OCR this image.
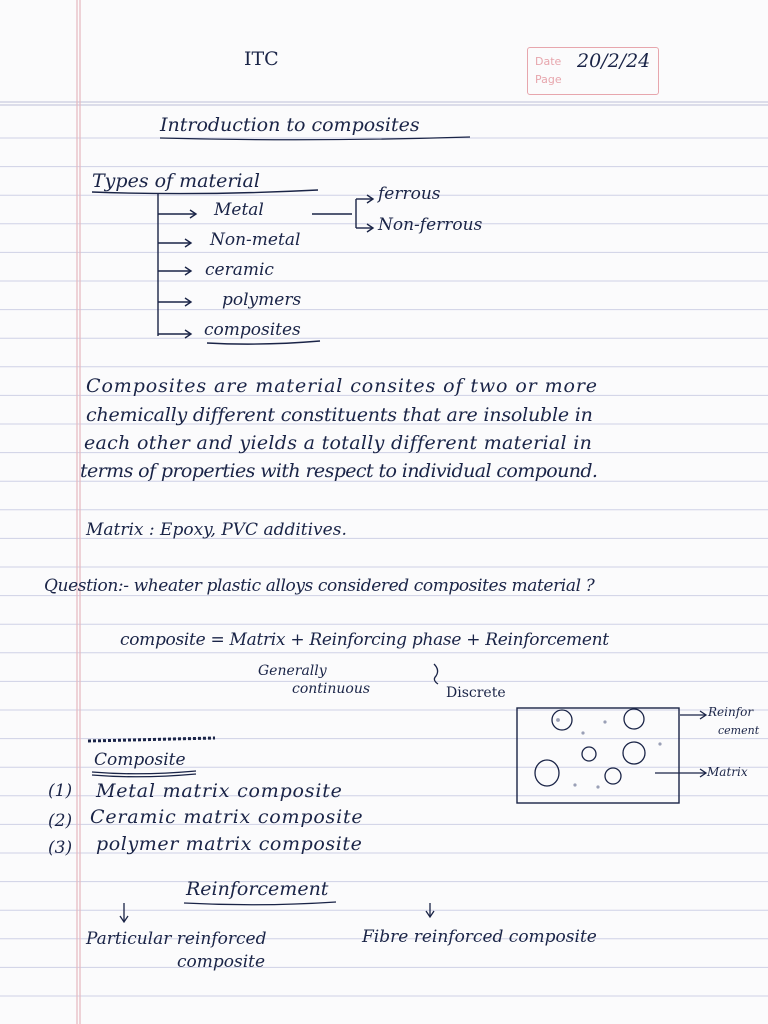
ITC	Date
Page
20/2/24
Introduction to composites
Types of material
Metal
Non-metal
ceramic
polymers
composites
ferrous
Non-ferrous
Composites are material consites of two or more
chemically different constituents that are insoluble in
each other and yields a totally different material in
terms of properties with respect to individual compound.
Matrix : Epoxy, PVC additives.
Question:- wheater plastic alloys considered composites material ?
composite = Matrix + Reinforcing phase + Reinforcement
Generally
continuous	Discrete
Reinfor
cement
Matrix
Composite
(1) Metal matrix composite
(2) Ceramic matrix composite
(3) polymer matrix composite
Reinforcement
Particular reinforced
composite
Fibre reinforced composite
